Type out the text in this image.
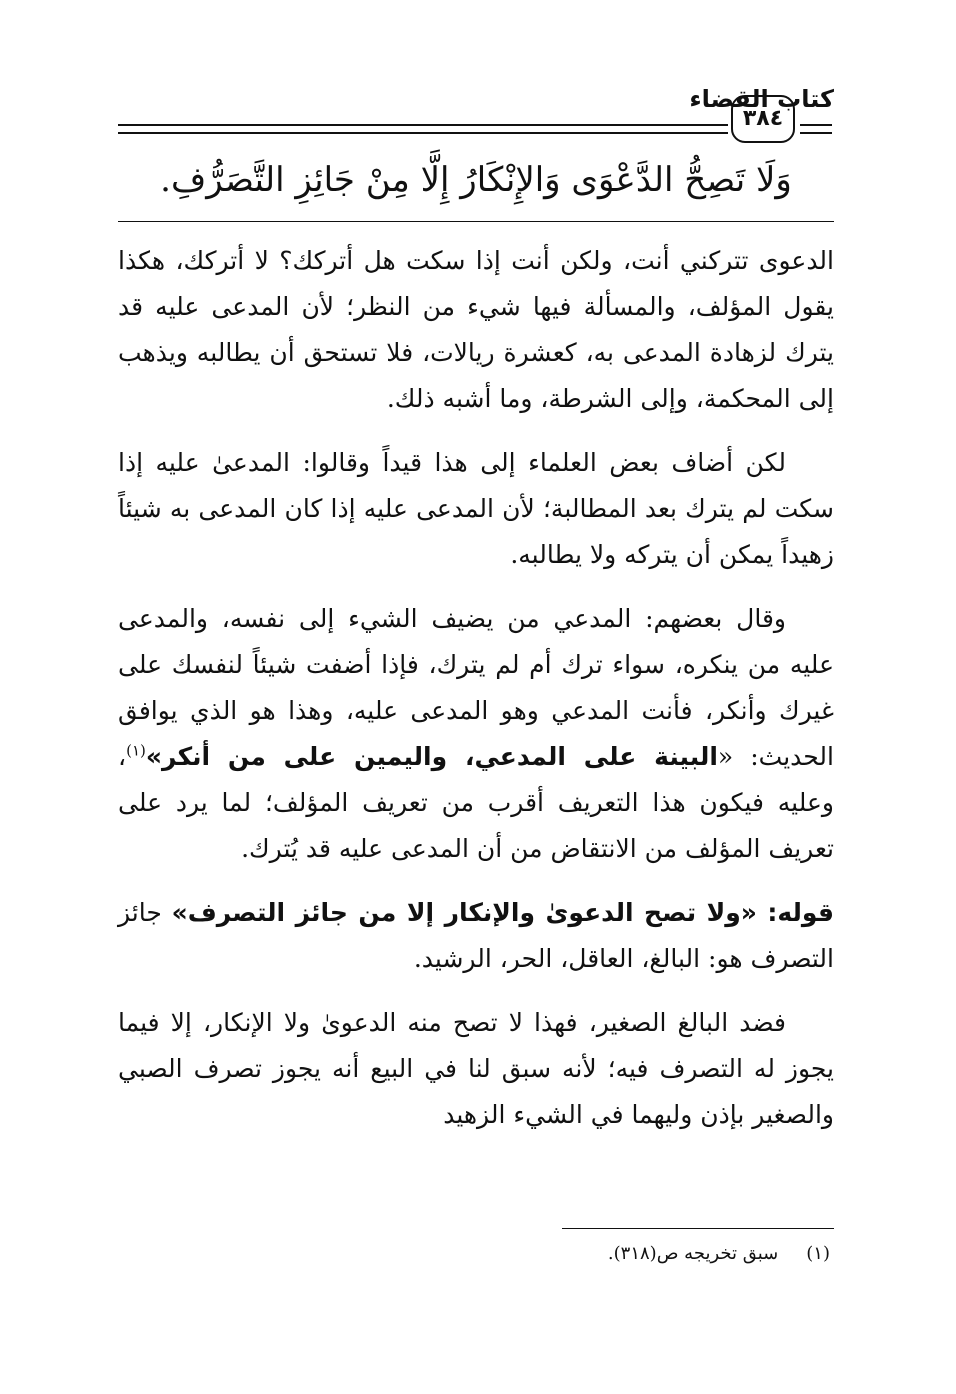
كتاب القضاء
٣٨٤
وَلَا تَصِحُّ الدَّعْوَى وَالإِنْكَارُ إِلَّا مِنْ جَائِزِ التَّصَرُّفِ.

الدعوى تتركني أنت، ولكن أنت إذا سكت هل أتركك؟ لا أتركك، هكذا يقول المؤلف، والمسألة فيها شيء من النظر؛ لأن المدعى عليه قد يترك لزهادة المدعى به، كعشرة ريالات، فلا تستحق أن يطالبه ويذهب إلى المحكمة، وإلى الشرطة، وما أشبه ذلك.

لكن أضاف بعض العلماء إلى هذا قيداً وقالوا: المدعىٰ عليه إذا سكت لم يترك بعد المطالبة؛ لأن المدعى عليه إذا كان المدعى به شيئاً زهيداً يمكن أن يتركه ولا يطالبه.

وقال بعضهم: المدعي من يضيف الشيء إلى نفسه، والمدعى عليه من ينكره، سواء ترك أم لم يترك، فإذا أضفت شيئاً لنفسك على غيرك وأنكر، فأنت المدعي وهو المدعى عليه، وهذا هو الذي يوافق الحديث: «البينة على المدعي، واليمين على من أنكر»$^{(١)}$، وعليه فيكون هذا التعريف أقرب من تعريف المؤلف؛ لما يرد على تعريف المؤلف من الانتقاض من أن المدعى عليه قد يُترك.

قوله: «ولا تصح الدعوىٰ والإنكار إلا من جائز التصرف» جائز التصرف هو: البالغ، العاقل، الحر، الرشيد.

فضد البالغ الصغير، فهذا لا تصح منه الدعوىٰ ولا الإنكار، إلا فيما يجوز له التصرف فيه؛ لأنه سبق لنا في البيع أنه يجوز تصرف الصبي والصغير بإذن وليهما في الشيء الزهيد

(١)سبق تخريجه ص(٣١٨).
